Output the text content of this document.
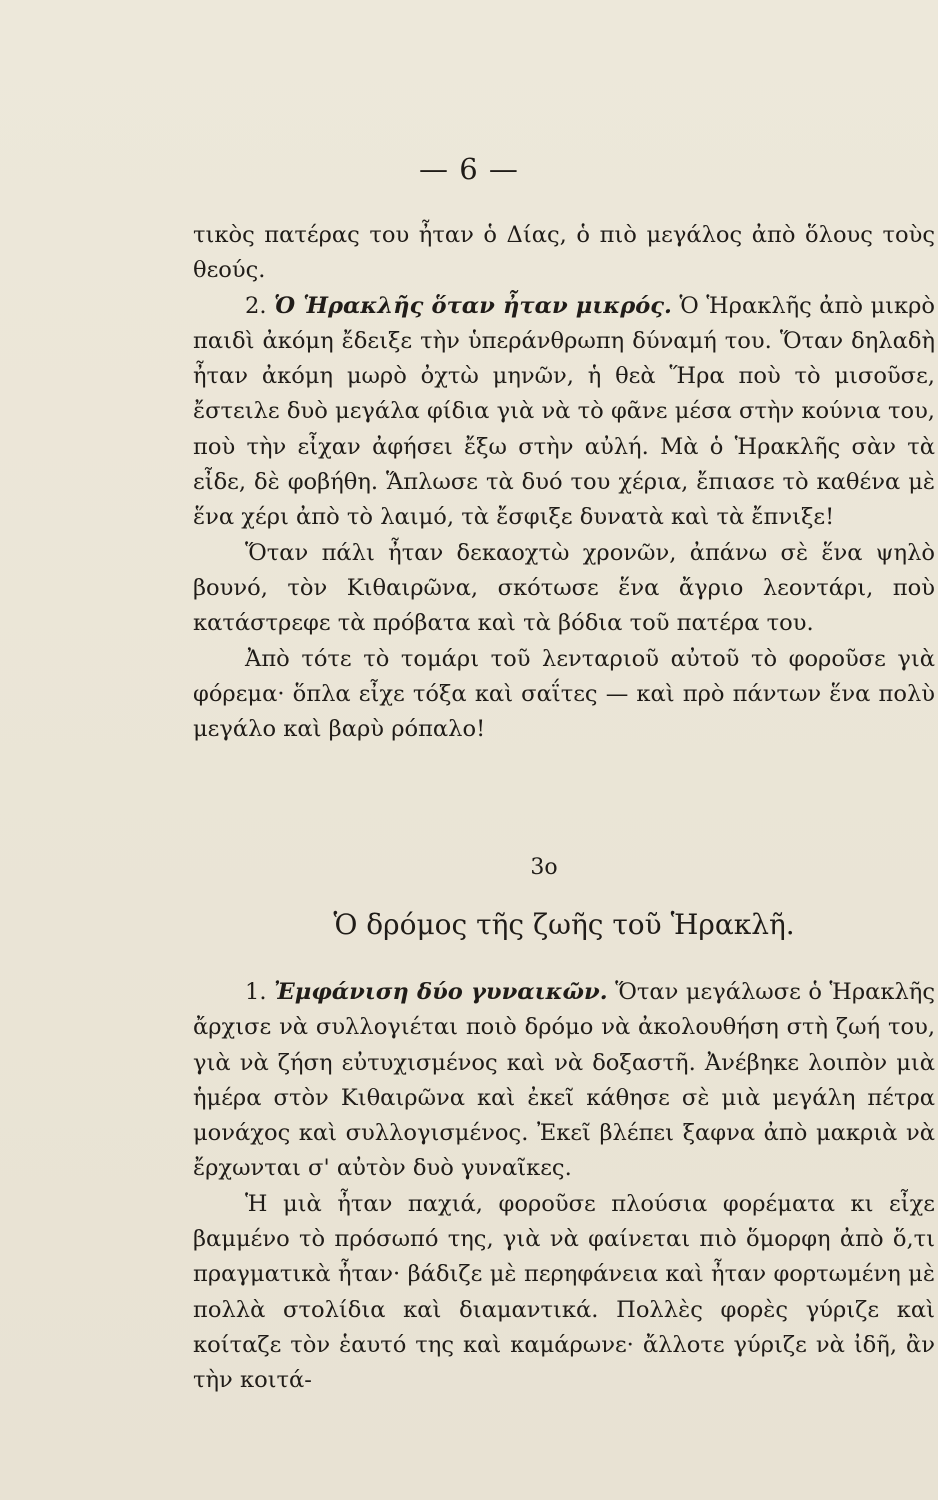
— 6 —

τικὸς πατέρας του ἦταν ὁ Δίας, ὁ πιὸ μεγάλος ἀπὸ ὅλους τοὺς θεούς.

2. Ὁ Ἡρακλῆς ὅταν ἦταν μικρός. Ὁ Ἡρακλῆς ἀπὸ μικρὸ παιδὶ ἀκόμη ἔδειξε τὴν ὑπεράνθρωπη δύναμή του. Ὅταν δηλαδὴ ἦταν ἀκόμη μωρὸ ὀχτὼ μηνῶν, ἡ θεὰ Ἥρα ποὺ τὸ μισοῦσε, ἔστειλε δυὸ μεγάλα φίδια γιὰ νὰ τὸ φᾶνε μέσα στὴν κούνια του, ποὺ τὴν εἶχαν ἀφήσει ἔξω στὴν αὐλή. Μὰ ὁ Ἡρακλῆς σὰν τὰ εἶδε, δὲ φοβήθη. Ἅπλωσε τὰ δυό του χέρια, ἔπιασε τὸ καθένα μὲ ἕνα χέρι ἀπὸ τὸ λαιμό, τὰ ἔσφιξε δυνατὰ καὶ τὰ ἔπνιξε!

Ὅταν πάλι ἦταν δεκαοχτὼ χρονῶν, ἀπάνω σὲ ἕνα ψηλὸ βουνό, τὸν Κιθαιρῶνα, σκότωσε ἕνα ἄγριο λεοντάρι, ποὺ κατάστρεφε τὰ πρόβατα καὶ τὰ βόδια τοῦ πατέρα του.

Ἀπὸ τότε τὸ τομάρι τοῦ λενταριοῦ αὐτοῦ τὸ φοροῦσε γιὰ φόρεμα· ὅπλα εἶχε τόξα καὶ σαΐτες — καὶ πρὸ πάντων ἕνα πολὺ μεγάλο καὶ βαρὺ ρόπαλο!

3ο
Ὁ δρόμος τῆς ζωῆς τοῦ Ἡρακλῆ.

1. Ἐμφάνιση δύο γυναικῶν. Ὅταν μεγάλωσε ὁ Ἡρακλῆς ἄρχισε νὰ συλλογιέται ποιὸ δρόμο νὰ ἀκολουθήση στὴ ζωή του, γιὰ νὰ ζήση εὐτυχισμένος καὶ νὰ δοξαστῆ. Ἀνέβηκε λοιπὸν μιὰ ἡμέρα στὸν Κιθαιρῶνα καὶ ἐκεῖ κάθησε σὲ μιὰ μεγάλη πέτρα μονάχος καὶ συλλογισμένος. Ἐκεῖ βλέπει ξαφνα ἀπὸ μακριὰ νὰ ἔρχωνται σ' αὐτὸν δυὸ γυναῖκες.

Ἡ μιὰ ἦταν παχιά, φοροῦσε πλούσια φορέματα κι εἶχε βαμμένο τὸ πρόσωπό της, γιὰ νὰ φαίνεται πιὸ ὅμορφη ἀπὸ ὅ,τι πραγματικὰ ἦταν· βάδιζε μὲ περηφάνεια καὶ ἦταν φορτωμένη μὲ πολλὰ στολίδια καὶ διαμαντικά. Πολλὲς φορὲς γύριζε καὶ κοίταζε τὸν ἑαυτό της καὶ καμάρωνε· ἄλλοτε γύριζε νὰ ἰδῆ, ἂν τὴν κοιτά-
